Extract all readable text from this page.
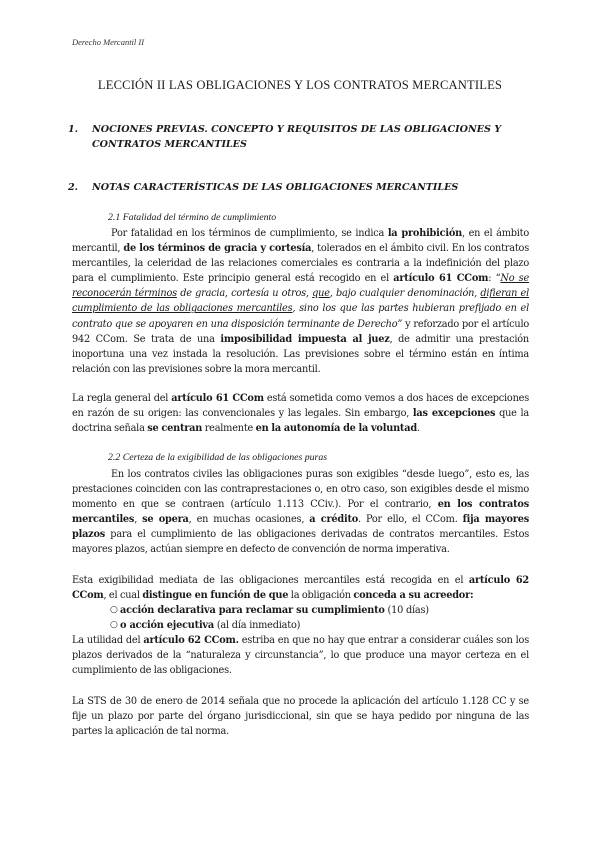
Derecho Mercantil II
LECCIÓN II LAS OBLIGACIONES Y LOS CONTRATOS MERCANTILES
1. NOCIONES PREVIAS. CONCEPTO Y REQUISITOS DE LAS OBLIGACIONES Y CONTRATOS MERCANTILES
2. NOTAS CARACTERÍSTICAS DE LAS OBLIGACIONES MERCANTILES
2.1 Fatalidad del término de cumplimiento
Por fatalidad en los términos de cumplimiento, se indica la prohibición, en el ámbito mercantil, de los términos de gracia y cortesía, tolerados en el ámbito civil. En los contratos mercantiles, la celeridad de las relaciones comerciales es contraria a la indefinición del plazo para el cumplimiento. Este principio general está recogido en el artículo 61 CCom: “No se reconocerán términos de gracia, cortesía u otros, que, bajo cualquier denominación, difieran el cumplimiento de las obligaciones mercantiles, sino los que las partes hubieran prefijado en el contrato que se apoyaren en una disposición terminante de Derecho” y reforzado por el artículo 942 CCom. Se trata de una imposibilidad impuesta al juez, de admitir una prestación inoportuna una vez instada la resolución. Las previsiones sobre el término están en íntima relación con las previsiones sobre la mora mercantil.
La regla general del artículo 61 CCom está sometida como vemos a dos haces de excepciones en razón de su origen: las convencionales y las legales. Sin embargo, las excepciones que la doctrina señala se centran realmente en la autonomía de la voluntad.
2.2 Certeza de la exigibilidad de las obligaciones puras
En los contratos civiles las obligaciones puras son exigibles “desde luego”, esto es, las prestaciones coinciden con las contraprestaciones o, en otro caso, son exigibles desde el mismo momento en que se contraen (artículo 1.113 CCiv.). Por el contrario, en los contratos mercantiles, se opera, en muchas ocasiones, a crédito. Por ello, el CCom. fija mayores plazos para el cumplimiento de las obligaciones derivadas de contratos mercantiles. Estos mayores plazos, actúan siempre en defecto de convención de norma imperativa.
Esta exigibilidad mediata de las obligaciones mercantiles está recogida en el artículo 62 CCom, el cual distingue en función de que la obligación conceda a su acreedor:
○ acción declarativa para reclamar su cumplimiento (10 días)
○ o acción ejecutiva (al día inmediato)
La utilidad del artículo 62 CCom. estriba en que no hay que entrar a considerar cuáles son los plazos derivados de la “naturaleza y circunstancia”, lo que produce una mayor certeza en el cumplimiento de las obligaciones.
La STS de 30 de enero de 2014 señala que no procede la aplicación del artículo 1.128 CC y se fije un plazo por parte del órgano jurisdiccional, sin que se haya pedido por ninguna de las partes la aplicación de tal norma.
